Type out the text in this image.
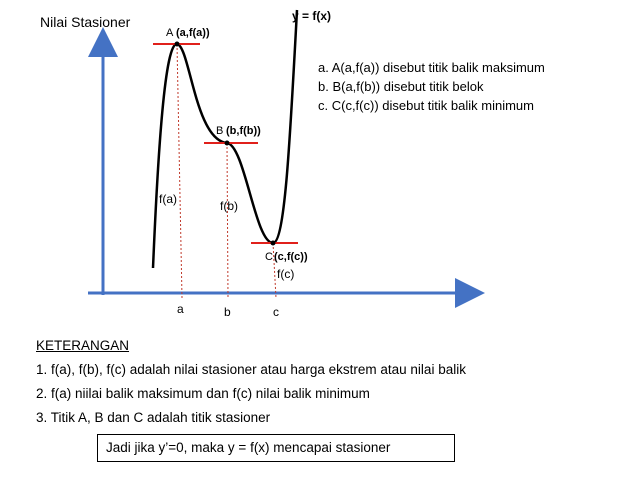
Nilai Stasioner	y = f(x)
A (a,f(a))
B (b,f(b))
C (c,f(c))
f(a)	f(b)
f(c)
a	b	c
a. A(a,f(a)) disebut titik balik maksimum
b. B(a,f(b)) disebut titik belok
c. C(c,f(c)) disebut titik balik minimum
KETERANGAN
1. f(a), f(b), f(c) adalah nilai stasioner atau harga ekstrem atau nilai balik
2. f(a) niilai balik maksimum dan f(c) nilai balik minimum
3. Titik A, B dan C adalah titik stasioner
Jadi jika y’=0, maka y = f(x) mencapai stasioner
